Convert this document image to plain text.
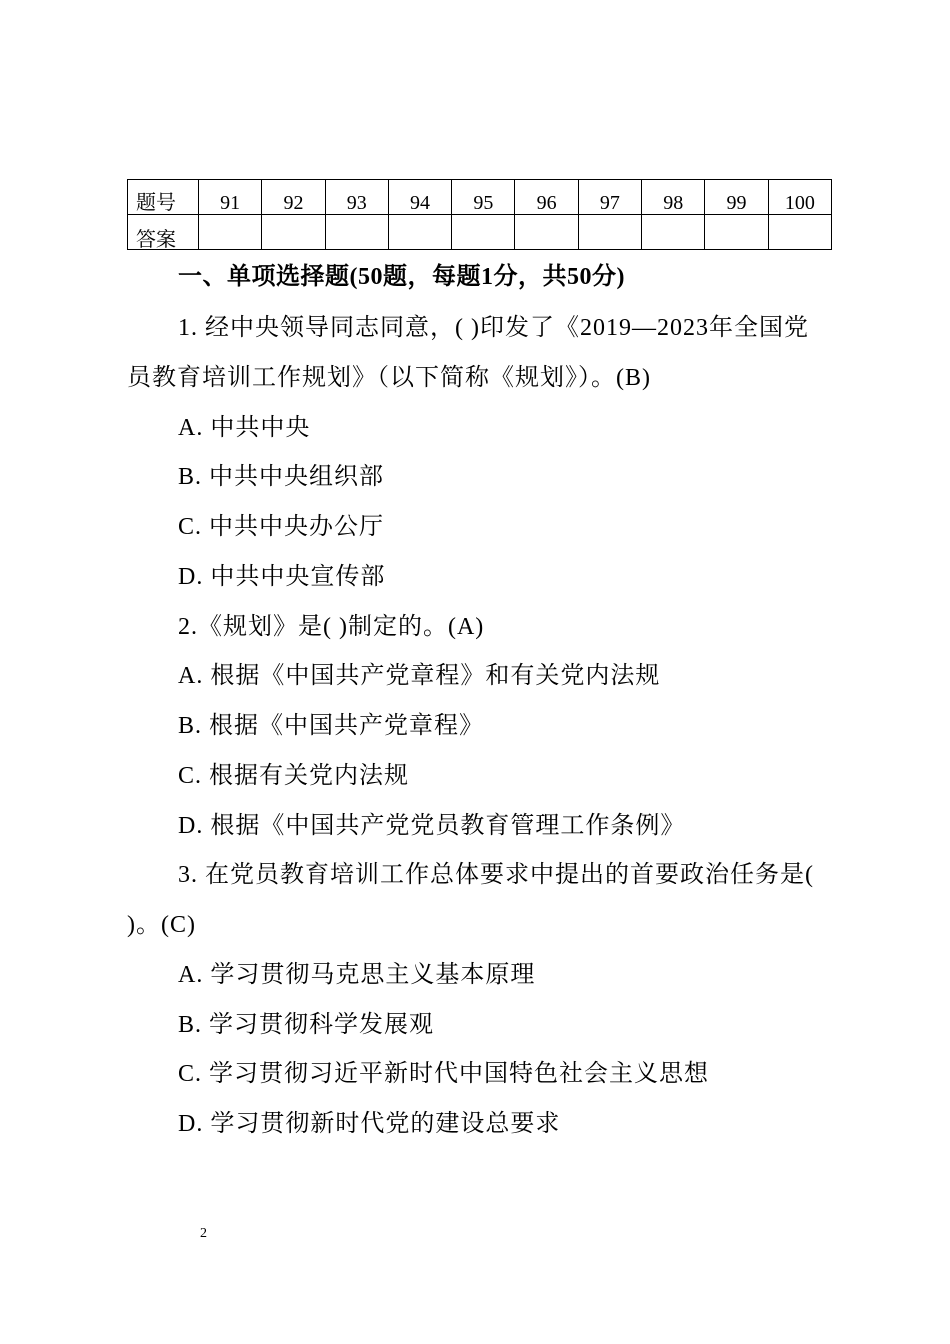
题号	91	92	93	94	95	96	97	98	99	100
答案										
一、单项选择题(50题，每题1分，共50分)
1. 经中央领导同志同意，( )印发了《2019—2023年全国党
员教育培训工作规划》（以下简称《规划》）。(B)
A. 中共中央
B. 中共中央组织部
C. 中共中央办公厅
D. 中共中央宣传部
2.《规划》是( )制定的。(A)
A. 根据《中国共产党章程》和有关党内法规
B. 根据《中国共产党章程》
C. 根据有关党内法规
D. 根据《中国共产党党员教育管理工作条例》
3. 在党员教育培训工作总体要求中提出的首要政治任务是(
)。(C)
A. 学习贯彻马克思主义基本原理
B. 学习贯彻科学发展观
C. 学习贯彻习近平新时代中国特色社会主义思想
D. 学习贯彻新时代党的建设总要求
2
